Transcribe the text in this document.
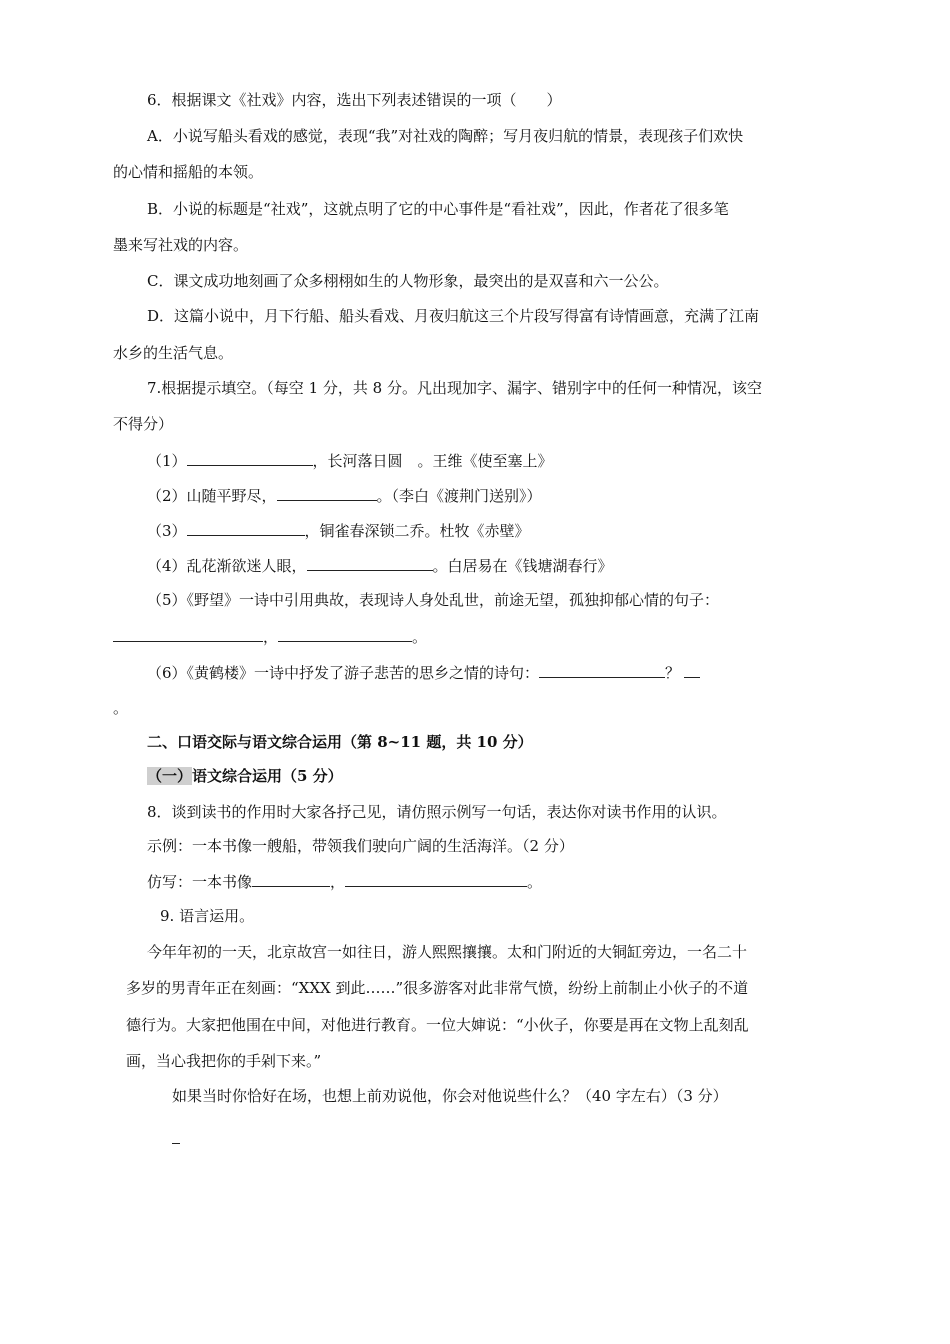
6．根据课文《社戏》内容，选出下列表述错误的一项（　　）
A．小说写船头看戏的感觉，表现“我”对社戏的陶醉；写月夜归航的情景，表现孩子们欢快
的心情和摇船的本领。
B．小说的标题是“社戏”，这就点明了它的中心事件是“看社戏”，因此，作者花了很多笔
墨来写社戏的内容。
C．课文成功地刻画了众多栩栩如生的人物形象，最突出的是双喜和六一公公。
D．这篇小说中，月下行船、船头看戏、月夜归航这三个片段写得富有诗情画意，充满了江南
水乡的生活气息。
7.根据提示填空。（每空 1 分，共 8 分。凡出现加字、漏字、错别字中的任何一种情况，该空
不得分）
（1）	，长河落日圆　。王维《使至塞上》
（2）山随平野尽，	。（李白《渡荆门送别》）
（3）	，铜雀春深锁二乔。杜牧《赤壁》
（4）乱花渐欲迷人眼，	。白居易在《钱塘湖春行》
（5）《野望》一诗中引用典故，表现诗人身处乱世，前途无望，孤独抑郁心情的句子：
，	。
（6）《黄鹤楼》一诗中抒发了游子悲苦的思乡之情的诗句：	？
。
二、口语交际与语文综合运用（第 8~11 题，共 10 分）
（一）语文综合运用（5 分）
8．谈到读书的作用时大家各抒己见，请仿照示例写一句话，表达你对读书作用的认识。
示例：一本书像一艘船，带领我们驶向广阔的生活海洋。（2 分）
仿写：一本书像	，	。
9. 语言运用。
今年年初的一天，北京故宫一如往日，游人熙熙攘攘。太和门附近的大铜缸旁边，一名二十
多岁的男青年正在刻画：“XXX 到此……”很多游客对此非常气愤，纷纷上前制止小伙子的不道
德行为。大家把他围在中间，对他进行教育。一位大婶说：“小伙子，你要是再在文物上乱刻乱
画，当心我把你的手剁下来。”
如果当时你恰好在场，也想上前劝说他，你会对他说些什么？（40 字左右）（3 分）
